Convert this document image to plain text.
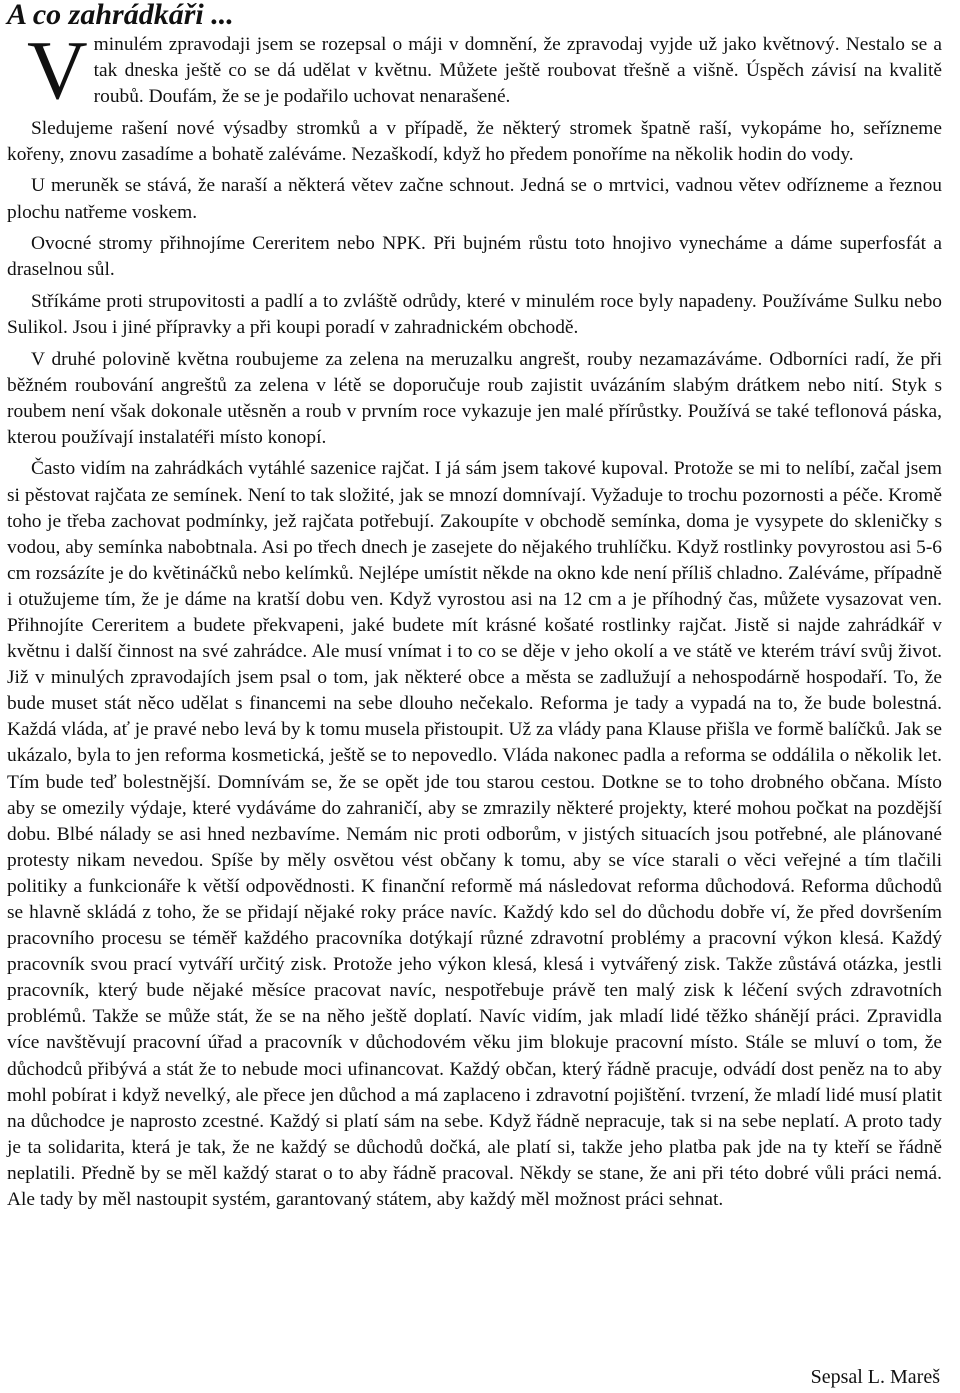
A co zahrádkáři ...

V minulém zpravodaji jsem se rozepsal o máji v domnění, že zpravodaj vyjde už jako květnový. Nestalo se a tak dneska ještě co se dá udělat v květnu. Můžete ještě roubovat třešně a višně. Úspěch závisí na kvalitě roubů. Doufám, že se je podařilo uchovat nenarašené.

Sledujeme rašení nové výsadby stromků a v případě, že některý stromek špatně raší, vykopáme ho, seřízneme kořeny, znovu zasadíme a bohatě zaléváme. Nezaškodí, když ho předem ponoříme na několik hodin do vody.

U meruněk se stává, že naraší a některá větev začne schnout. Jedná se o mrtvici, vadnou větev odřízneme a řeznou plochu natřeme voskem.

Ovocné stromy přihnojíme Cereritem nebo NPK. Při bujném růstu toto hnojivo vynecháme a dáme superfosfát a draselnou sůl.

Stříkáme proti strupovitosti a padlí a to zvláště odrůdy, které v minulém roce byly napadeny. Používáme Sulku nebo Sulikol. Jsou i jiné přípravky a při koupi poradí v zahradnickém obchodě.

V druhé polovině května roubujeme za zelena na meruzalku angrešt, rouby nezamazáváme. Odborníci radí, že při běžném roubování angreštů za zelena v létě se doporučuje roub zajistit uvázáním slabým drátkem nebo nití. Styk s roubem není však dokonale utěsněn a roub v prvním roce vykazuje jen malé přírůstky. Používá se také teflonová páska, kterou používají instalatéři místo konopí.

Často vidím na zahrádkách vytáhlé sazenice rajčat. I já sám jsem takové kupoval. Protože se mi to nelíbí, začal jsem si pěstovat rajčata ze semínek. Není to tak složité, jak se mnozí domnívají. Vyžaduje to trochu pozornosti a péče. Kromě toho je třeba zachovat podmínky, jež rajčata potřebují. Zakoupíte v obchodě semínka, doma je vysypete do skleničky s vodou, aby semínka nabobtnala. Asi po třech dnech je zasejete do nějakého truhlíčku. Když rostlinky povyrostou asi 5-6 cm rozsázíte je do květináčků nebo kelímků. Nejlépe umístit někde na okno kde není příliš chladno. Zaléváme, případně i otužujeme tím, že je dáme na kratší dobu ven. Když vyrostou asi na 12 cm a je příhodný čas, můžete vysazovat ven. Přihnojíte Cereritem a budete překvapeni, jaké budete mít krásné košaté rostlinky rajčat. Jistě si najde zahrádkář v květnu i další činnost na své zahrádce. Ale musí vnímat i to co se děje v jeho okolí a ve státě ve kterém tráví svůj život. Již v minulých zpravodajích jsem psal o tom, jak některé obce a města se zadlužují a nehospodárně hospodaří. To, že bude muset stát něco udělat s financemi na sebe dlouho nečekalo. Reforma je tady a vypadá na to, že bude bolestná. Každá vláda, ať je pravé nebo levá by k tomu musela přistoupit. Už za vlády pana Klause přišla ve formě balíčků. Jak se ukázalo, byla to jen reforma kosmetická, ještě se to nepovedlo. Vláda nakonec padla a reforma se oddálila o několik let. Tím bude teď bolestnější. Domnívám se, že se opět jde tou starou cestou. Dotkne se to toho drobného občana. Místo aby se omezily výdaje, které vydáváme do zahraničí, aby se zmrazily některé projekty, které mohou počkat na pozdější dobu. Blbé nálady se asi hned nezbavíme. Nemám nic proti odborům, v jistých situacích jsou potřebné, ale plánované protesty nikam nevedou. Spíše by měly osvětou vést občany k tomu, aby se více starali o věci veřejné a tím tlačili politiky a funkcionáře k větší odpovědnosti. K finanční reformě má následovat reforma důchodová. Reforma důchodů se hlavně skládá z toho, že se přidají nějaké roky práce navíc. Každý kdo sel do důchodu dobře ví, že před dovršením pracovního procesu se téměř každého pracovníka dotýkají různé zdravotní problémy a pracovní výkon klesá. Každý pracovník svou prací vytváří určitý zisk. Protože jeho výkon klesá, klesá i vytvářený zisk. Takže zůstává otázka, jestli pracovník, který bude nějaké měsíce pracovat navíc, nespotřebuje právě ten malý zisk k léčení svých zdravotních problémů. Takže se může stát, že se na něho ještě doplatí. Navíc vidím, jak mladí lidé těžko shánějí práci. Zpravidla více navštěvují pracovní úřad a pracovník v důchodovém věku jim blokuje pracovní místo. Stále se mluví o tom, že důchodců přibývá a stát že to nebude moci ufinancovat. Každý občan, který řádně pracuje, odvádí dost peněz na to aby mohl pobírat i když nevelký, ale přece jen důchod a má zaplaceno i zdravotní pojištění. tvrzení, že mladí lidé musí platit na důchodce je naprosto zcestné. Každý si platí sám na sebe. Když řádně nepracuje, tak si na sebe neplatí. A proto tady je ta solidarita, která je tak, že ne každý se důchodů dočká, ale platí si, takže jeho platba pak jde na ty kteří se řádně neplatili. Předně by se měl každý starat o to aby řádně pracoval. Někdy se stane, že ani při této dobré vůli práci nemá. Ale tady by měl nastoupit systém, garantovaný státem, aby každý měl možnost práci sehnat.

Sepsal L. Mareš
